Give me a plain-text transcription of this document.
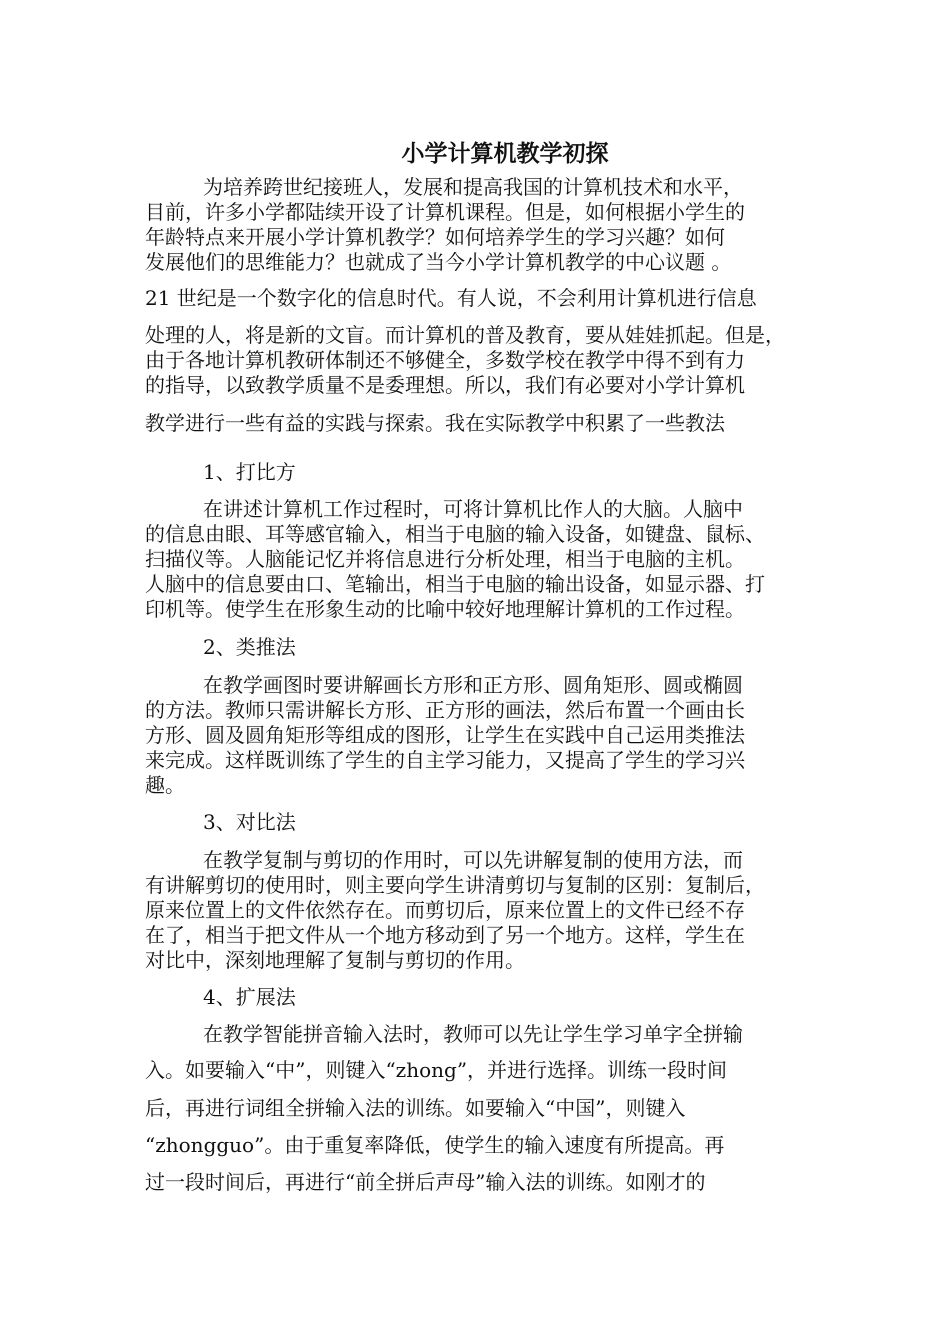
小学计算机教学初探
为培养跨世纪接班人，发展和提高我国的计算机技术和水平，
目前，许多小学都陆续开设了计算机课程。但是，如何根据小学生的
年龄特点来开展小学计算机教学？如何培养学生的学习兴趣？如何
发展他们的思维能力？也就成了当今小学计算机教学的中心议题 。
21 世纪是一个数字化的信息时代。有人说，不会利用计算机进行信息
处理的人，将是新的文盲。而计算机的普及教育，要从娃娃抓起。但是，
由于各地计算机教研体制还不够健全，多数学校在教学中得不到有力
的指导，以致教学质量不是委理想。所以，我们有必要对小学计算机
教学进行一些有益的实践与探索。我在实际教学中积累了一些教法
1、打比方
在讲述计算机工作过程时，可将计算机比作人的大脑。人脑中
的信息由眼、耳等感官输入，相当于电脑的输入设备，如键盘、鼠标、
扫描仪等。人脑能记忆并将信息进行分析处理，相当于电脑的主机。
人脑中的信息要由口、笔输出，相当于电脑的输出设备，如显示器、打
印机等。使学生在形象生动的比喻中较好地理解计算机的工作过程。
2、类推法
在教学画图时要讲解画长方形和正方形、圆角矩形、圆或椭圆
的方法。教师只需讲解长方形、正方形的画法，然后布置一个画由长
方形、圆及圆角矩形等组成的图形，让学生在实践中自己运用类推法
来完成。这样既训练了学生的自主学习能力，又提高了学生的学习兴
趣。
3、对比法
在教学复制与剪切的作用时，可以先讲解复制的使用方法，而
有讲解剪切的使用时，则主要向学生讲清剪切与复制的区别：复制后，
原来位置上的文件依然存在。而剪切后，原来位置上的文件已经不存
在了，相当于把文件从一个地方移动到了另一个地方。这样，学生在
对比中，深刻地理解了复制与剪切的作用。
4、扩展法
在教学智能拼音输入法时，教师可以先让学生学习单字全拼输
入。如要输入“中”，则键入“zhong”，并进行选择。训练一段时间
后，再进行词组全拼输入法的训练。如要输入“中国”，则键入
“zhongguo”。由于重复率降低，使学生的输入速度有所提高。再
过一段时间后，再进行“前全拼后声母”输入法的训练。如刚才的
